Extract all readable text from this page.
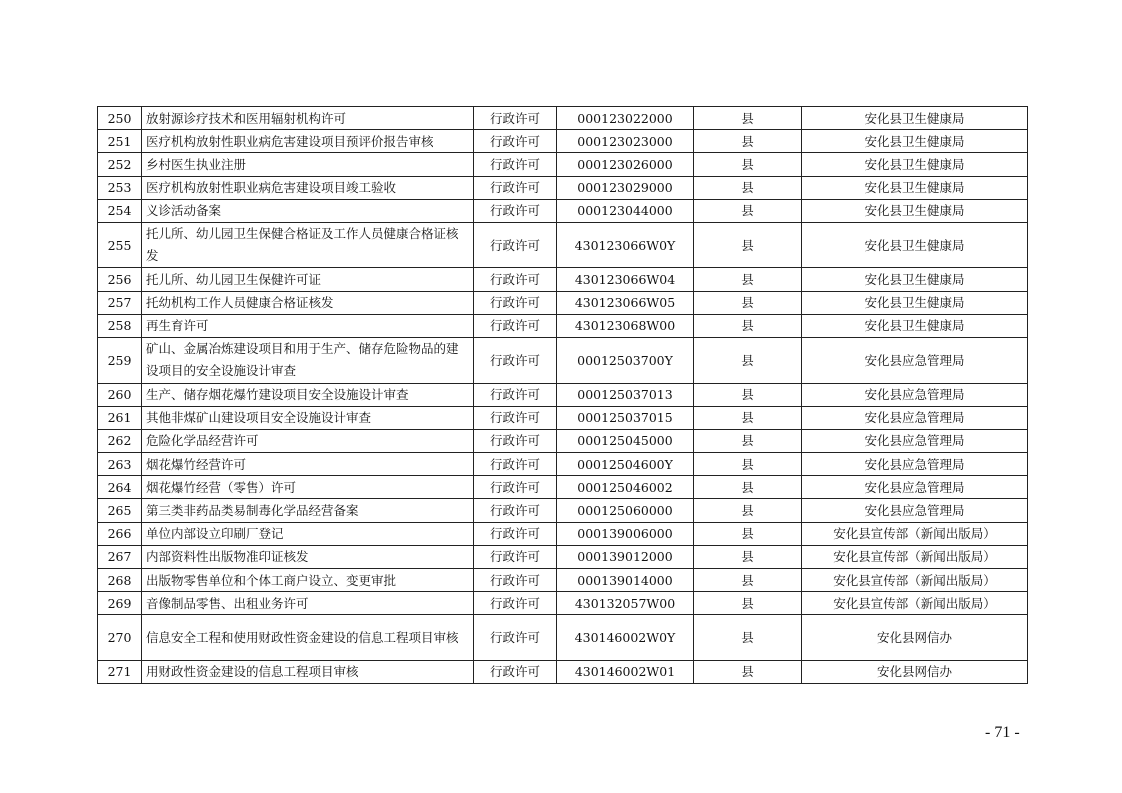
250	放射源诊疗技术和医用辐射机构许可	行政许可	000123022000	县	安化县卫生健康局
251	医疗机构放射性职业病危害建设项目预评价报告审核	行政许可	000123023000	县	安化县卫生健康局
252	乡村医生执业注册	行政许可	000123026000	县	安化县卫生健康局
253	医疗机构放射性职业病危害建设项目竣工验收	行政许可	000123029000	县	安化县卫生健康局
254	义诊活动备案	行政许可	000123044000	县	安化县卫生健康局
255	托儿所、幼儿园卫生保健合格证及工作人员健康合格证核发	行政许可	430123066W0Y	县	安化县卫生健康局
256	托儿所、幼儿园卫生保健许可证	行政许可	430123066W04	县	安化县卫生健康局
257	托幼机构工作人员健康合格证核发	行政许可	430123066W05	县	安化县卫生健康局
258	再生育许可	行政许可	430123068W00	县	安化县卫生健康局
259	矿山、金属冶炼建设项目和用于生产、储存危险物品的建设项目的安全设施设计审查	行政许可	00012503700Y	县	安化县应急管理局
260	生产、储存烟花爆竹建设项目安全设施设计审查	行政许可	000125037013	县	安化县应急管理局
261	其他非煤矿山建设项目安全设施设计审查	行政许可	000125037015	县	安化县应急管理局
262	危险化学品经营许可	行政许可	000125045000	县	安化县应急管理局
263	烟花爆竹经营许可	行政许可	00012504600Y	县	安化县应急管理局
264	烟花爆竹经营（零售）许可	行政许可	000125046002	县	安化县应急管理局
265	第三类非药品类易制毒化学品经营备案	行政许可	000125060000	县	安化县应急管理局
266	单位内部设立印刷厂登记	行政许可	000139006000	县	安化县宣传部（新闻出版局）
267	内部资料性出版物准印证核发	行政许可	000139012000	县	安化县宣传部（新闻出版局）
268	出版物零售单位和个体工商户设立、变更审批	行政许可	000139014000	县	安化县宣传部（新闻出版局）
269	音像制品零售、出租业务许可	行政许可	430132057W00	县	安化县宣传部（新闻出版局）
270	信息安全工程和使用财政性资金建设的信息工程项目审核	行政许可	430146002W0Y	县	安化县网信办
271	用财政性资金建设的信息工程项目审核	行政许可	430146002W01	县	安化县网信办
- 71 -
